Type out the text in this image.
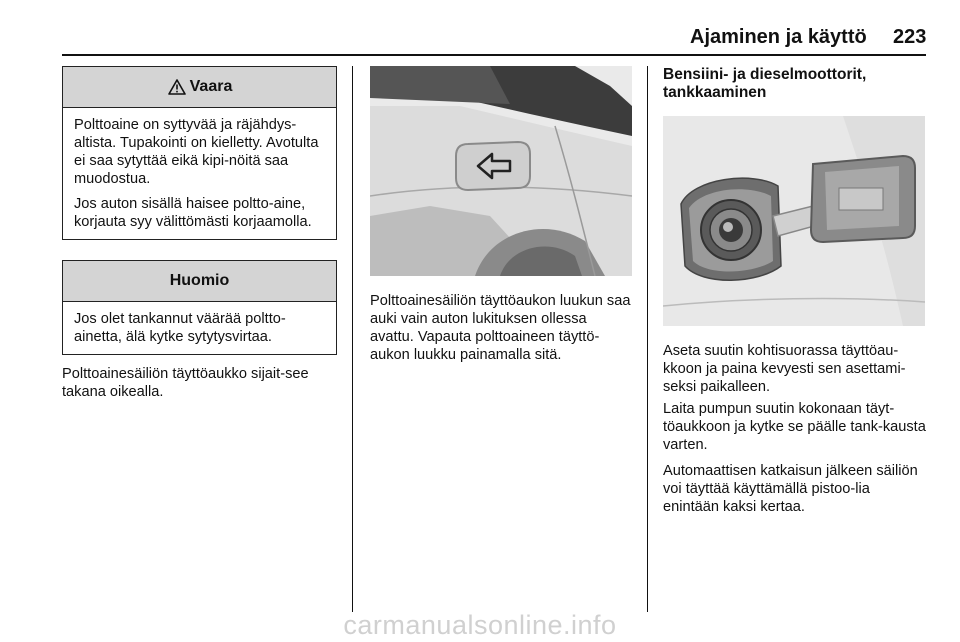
Ajaminen ja käyttö 223
Vaara

Polttoaine on syttyvää ja räjähdys-altista. Tupakointi on kielletty. Avotulta ei saa sytyttää eikä kipi-nöitä saa muodostua.

Jos auton sisällä haisee poltto-aine, korjauta syy välittömästi korjaamolla.

Huomio

Jos olet tankannut väärää poltto-ainetta, älä kytke sytytysvirtaa.

Polttoainesäiliön täyttöaukko sijait-see takana oikealla.

Polttoainesäiliön täyttöaukon luukun saa auki vain auton lukituksen ollessa avattu. Vapauta polttoaineen täyttö-aukon luukku painamalla sitä.

Bensiini- ja dieselmoottorit, tankkaaminen

Aseta suutin kohtisuorassa täyttöau-kkoon ja paina kevyesti sen asettami-seksi paikalleen.

Laita pumpun suutin kokonaan täyt-töaukkoon ja kytke se päälle tank-kausta varten.

Automaattisen katkaisun jälkeen säiliön voi täyttää käyttämällä pistoo-lia enintään kaksi kertaa.

carmanualsonline.info
